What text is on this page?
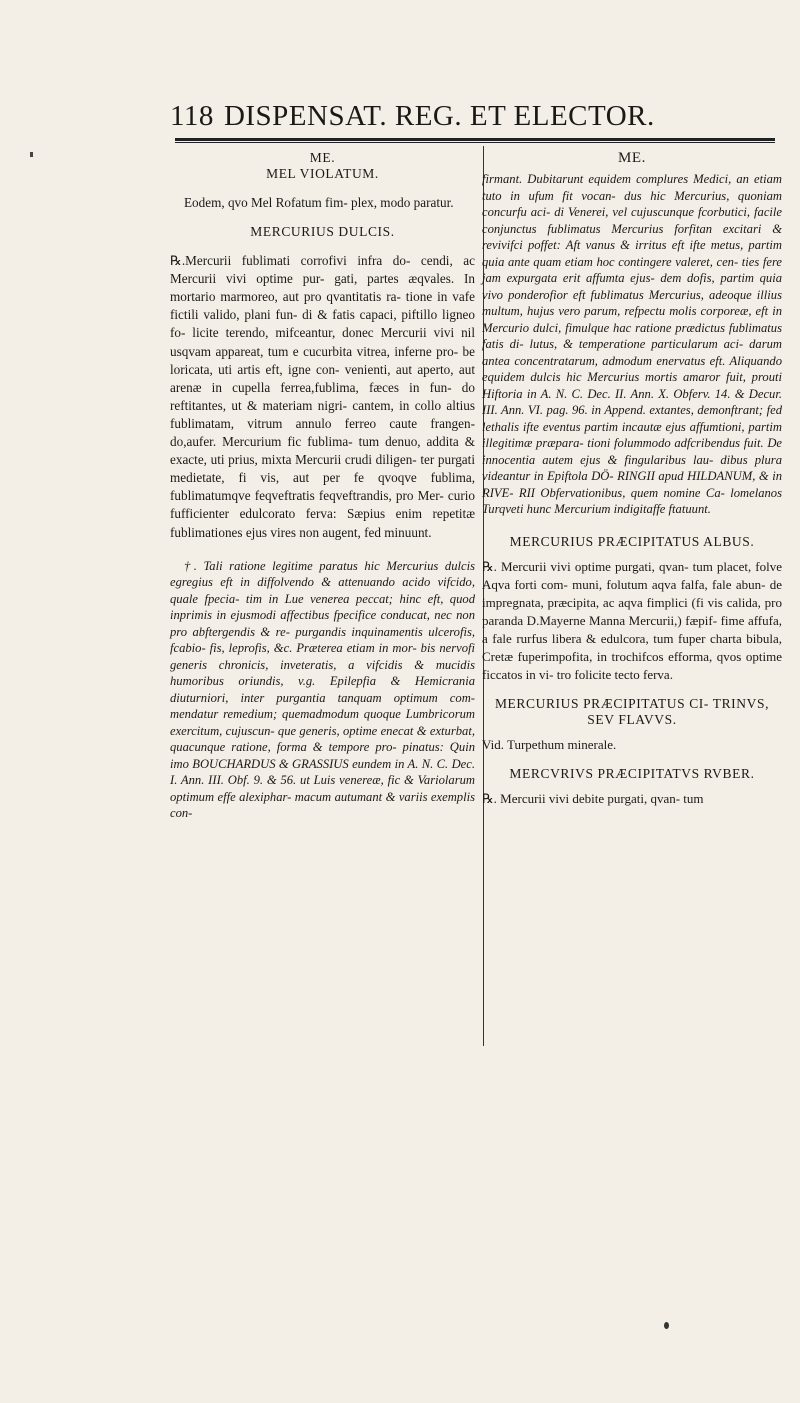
118 DISPENSAT. REG. ET ELECTOR.
ME.
MEL VIOLATUM.
Eodem, qvo Mel Rofatum fim- plex, modo paratur.
MERCURIUS DULCIS.
℞.Mercurii fublimati corrofivi infra do- cendi, ac Mercurii vivi optime pur- gati, partes æqvales. In mortario marmoreo, aut pro qvantitatis ra- tione in vafe fictili valido, plani fun- di & fatis capaci, piftillo ligneo fo- licite terendo, mifceantur, donec Mercurii vivi nil usqvam appareat, tum e cucurbita vitrea, inferne pro- be loricata, uti artis eft, igne con- venienti, aut aperto, aut arenæ in cupella ferrea,fublima, fæces in fun- do reftitantes, ut & materiam nigri- cantem, in collo altius fublimatam, vitrum annulo ferreo caute frangen- do,aufer. Mercurium fic fublima- tum denuo, addita & exacte, uti prius, mixta Mercurii crudi diligen- ter purgati medietate, fi vis, aut per fe qvoqve fublima, fublimatumqve feqveftratis feqveftrandis, pro Mer- curio fufficienter edulcorato ferva: Sæpius enim repetitæ fublimationes ejus vires non augent, fed minuunt.
†. Tali ratione legitime paratus hic Mercurius dulcis egregius eft in diffolvendo & attenuando acido vifcido, quale fpecia- tim in Lue venerea peccat; hinc eft, quod inprimis in ejusmodi affectibus fpecifice conducat, nec non pro abftergendis & re- purgandis inquinamentis ulcerofis, fcabio- fis, leprofis, &c. Præterea etiam in mor- bis nervofi generis chronicis, inveteratis, a vifcidis & mucidis humoribus oriundis, v.g. Epilepfia & Hemicrania diuturniori, inter purgantia tanquam optimum com- mendatur remedium; quemadmodum quoque Lumbricorum exercitum, cujuscun- que generis, optime enecat & exturbat, quacunque ratione, forma & tempore pro- pinatus: Quin imo BOUCHARDUS & GRASSIUS eundem in A. N. C. Dec. I. Ann. III. Obf. 9. & 56. ut Luis venereæ, fic & Variolarum optimum effe alexiphar- macum autumant & variis exemplis con-
ME.
firmant. Dubitarunt equidem complures Medici, an etiam tuto in ufum fit vocan- dus hic Mercurius, quoniam concurfu aci- di Venerei, vel cujuscunque fcorbutici, facile conjunctus fublimatus Mercurius forfitan excitari & revivifci poffet: Aft vanus & irritus eft ifte metus, partim quia ante quam etiam hoc contingere valeret, cen- ties fere jam expurgata erit affumta ejus- dem dofis, partim quia vivo ponderofior eft fublimatus Mercurius, adeoque illius multum, hujus vero parum, refpectu molis corporeæ, eft in Mercurio dulci, fimulque hac ratione prædictus fublimatus fatis di- lutus, & temperatione particularum aci- darum antea concentratarum, admodum enervatus eft. Aliquando equidem dulcis hic Mercurius mortis amaror fuit, prouti Hiftoria in A. N. C. Dec. II. Ann. X. Obferv. 14. & Decur. III. Ann. VI. pag. 96. in Append. extantes, demonftrant; fed lethalis ifte eventus partim incautæ ejus affumtioni, partim illegitimæ præpara- tioni folummodo adfcribendus fuit. De innocentia autem ejus & fingularibus lau- dibus plura videantur in Epiftola DÖ- RINGII apud HILDANUM, & in RIVE- RII Obfervationibus, quem nomine Ca- lomelanos Turqveti hunc Mercurium indigitaffe ftatuunt.
MERCURIUS PRÆCIPITATUS ALBUS.
℞. Mercurii vivi optime purgati, qvan- tum placet, folve Aqva forti com- muni, folutum aqva falfa, fale abun- de impregnata, præcipita, ac aqva fimplici (fi vis calida, pro paranda D.Mayerne Manna Mercurii,) fæpif- fime affufa, a fale rurfus libera & edulcora, tum fuper charta bibula, Cretæ fuperimpofita, in trochifcos efforma, qvos optime ficcatos in vi- tro folicite tecto ferva.
MERCURIUS PRÆCIPITATUS CI- TRINVS, SEV FLAVVS.
Vid. Turpethum minerale.
MERCVRIVS PRÆCIPITATVS RVBER.
℞. Mercurii vivi debite purgati, qvan- tum
